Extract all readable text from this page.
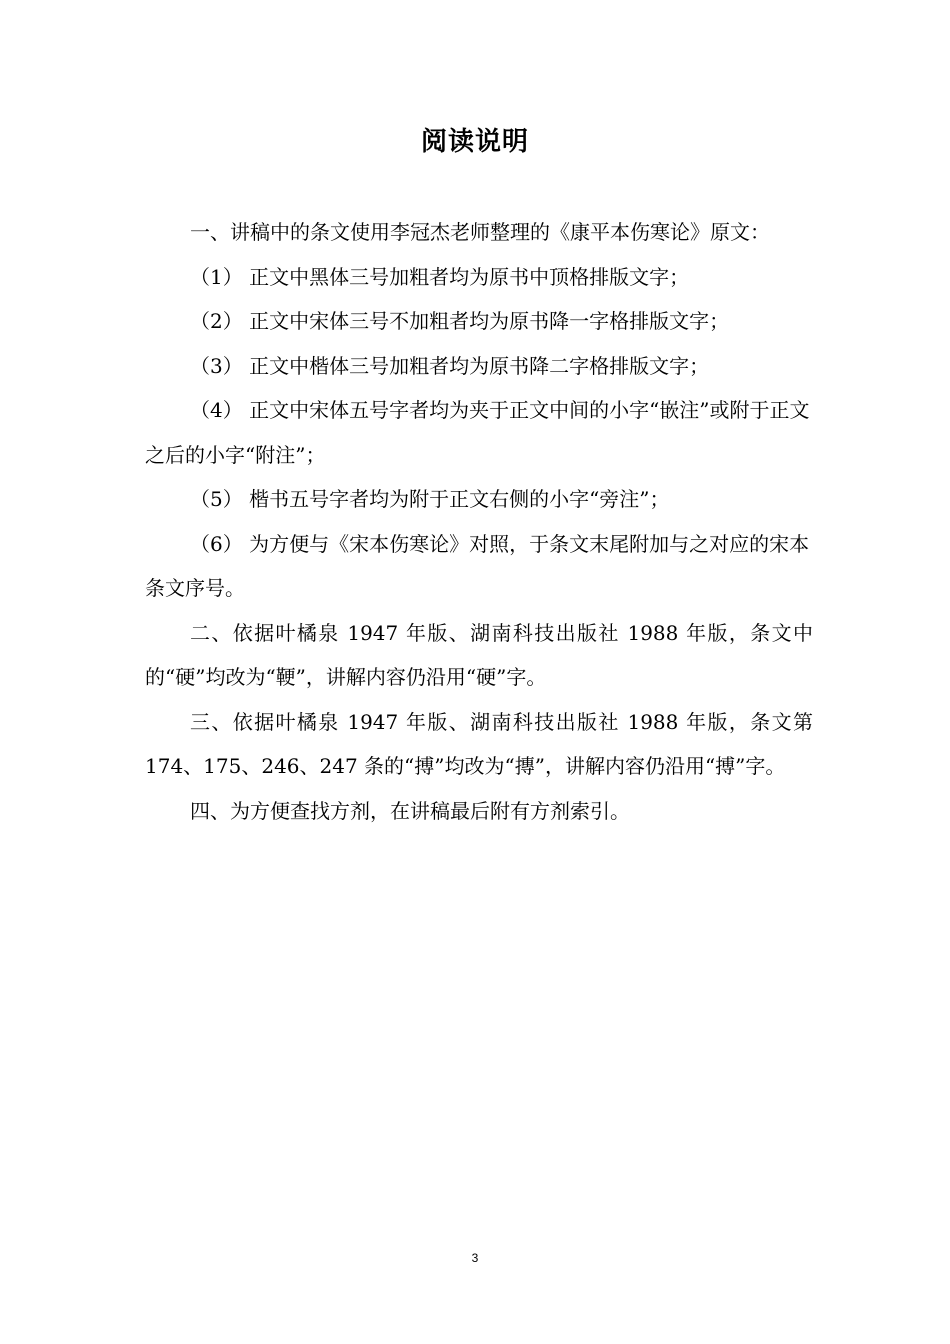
阅读说明

一、讲稿中的条文使用李冠杰老师整理的《康平本伤寒论》原文：

（1） 正文中黑体三号加粗者均为原书中顶格排版文字；

（2） 正文中宋体三号不加粗者均为原书降一字格排版文字；

（3） 正文中楷体三号加粗者均为原书降二字格排版文字；

（4） 正文中宋体五号字者均为夹于正文中间的小字“嵌注”或附于正文之后的小字“附注”；

（5） 楷书五号字者均为附于正文右侧的小字“旁注”；

（6） 为方便与《宋本伤寒论》对照，于条文末尾附加与之对应的宋本条文序号。

二、依据叶橘泉 1947 年版、湖南科技出版社 1988 年版，条文中的“硬”均改为“鞕”，讲解内容仍沿用“硬”字。

三、依据叶橘泉 1947 年版、湖南科技出版社 1988 年版，条文第174、175、246、247 条的“搏”均改为“摶”，讲解内容仍沿用“搏”字。

四、为方便查找方剂，在讲稿最后附有方剂索引。

3
